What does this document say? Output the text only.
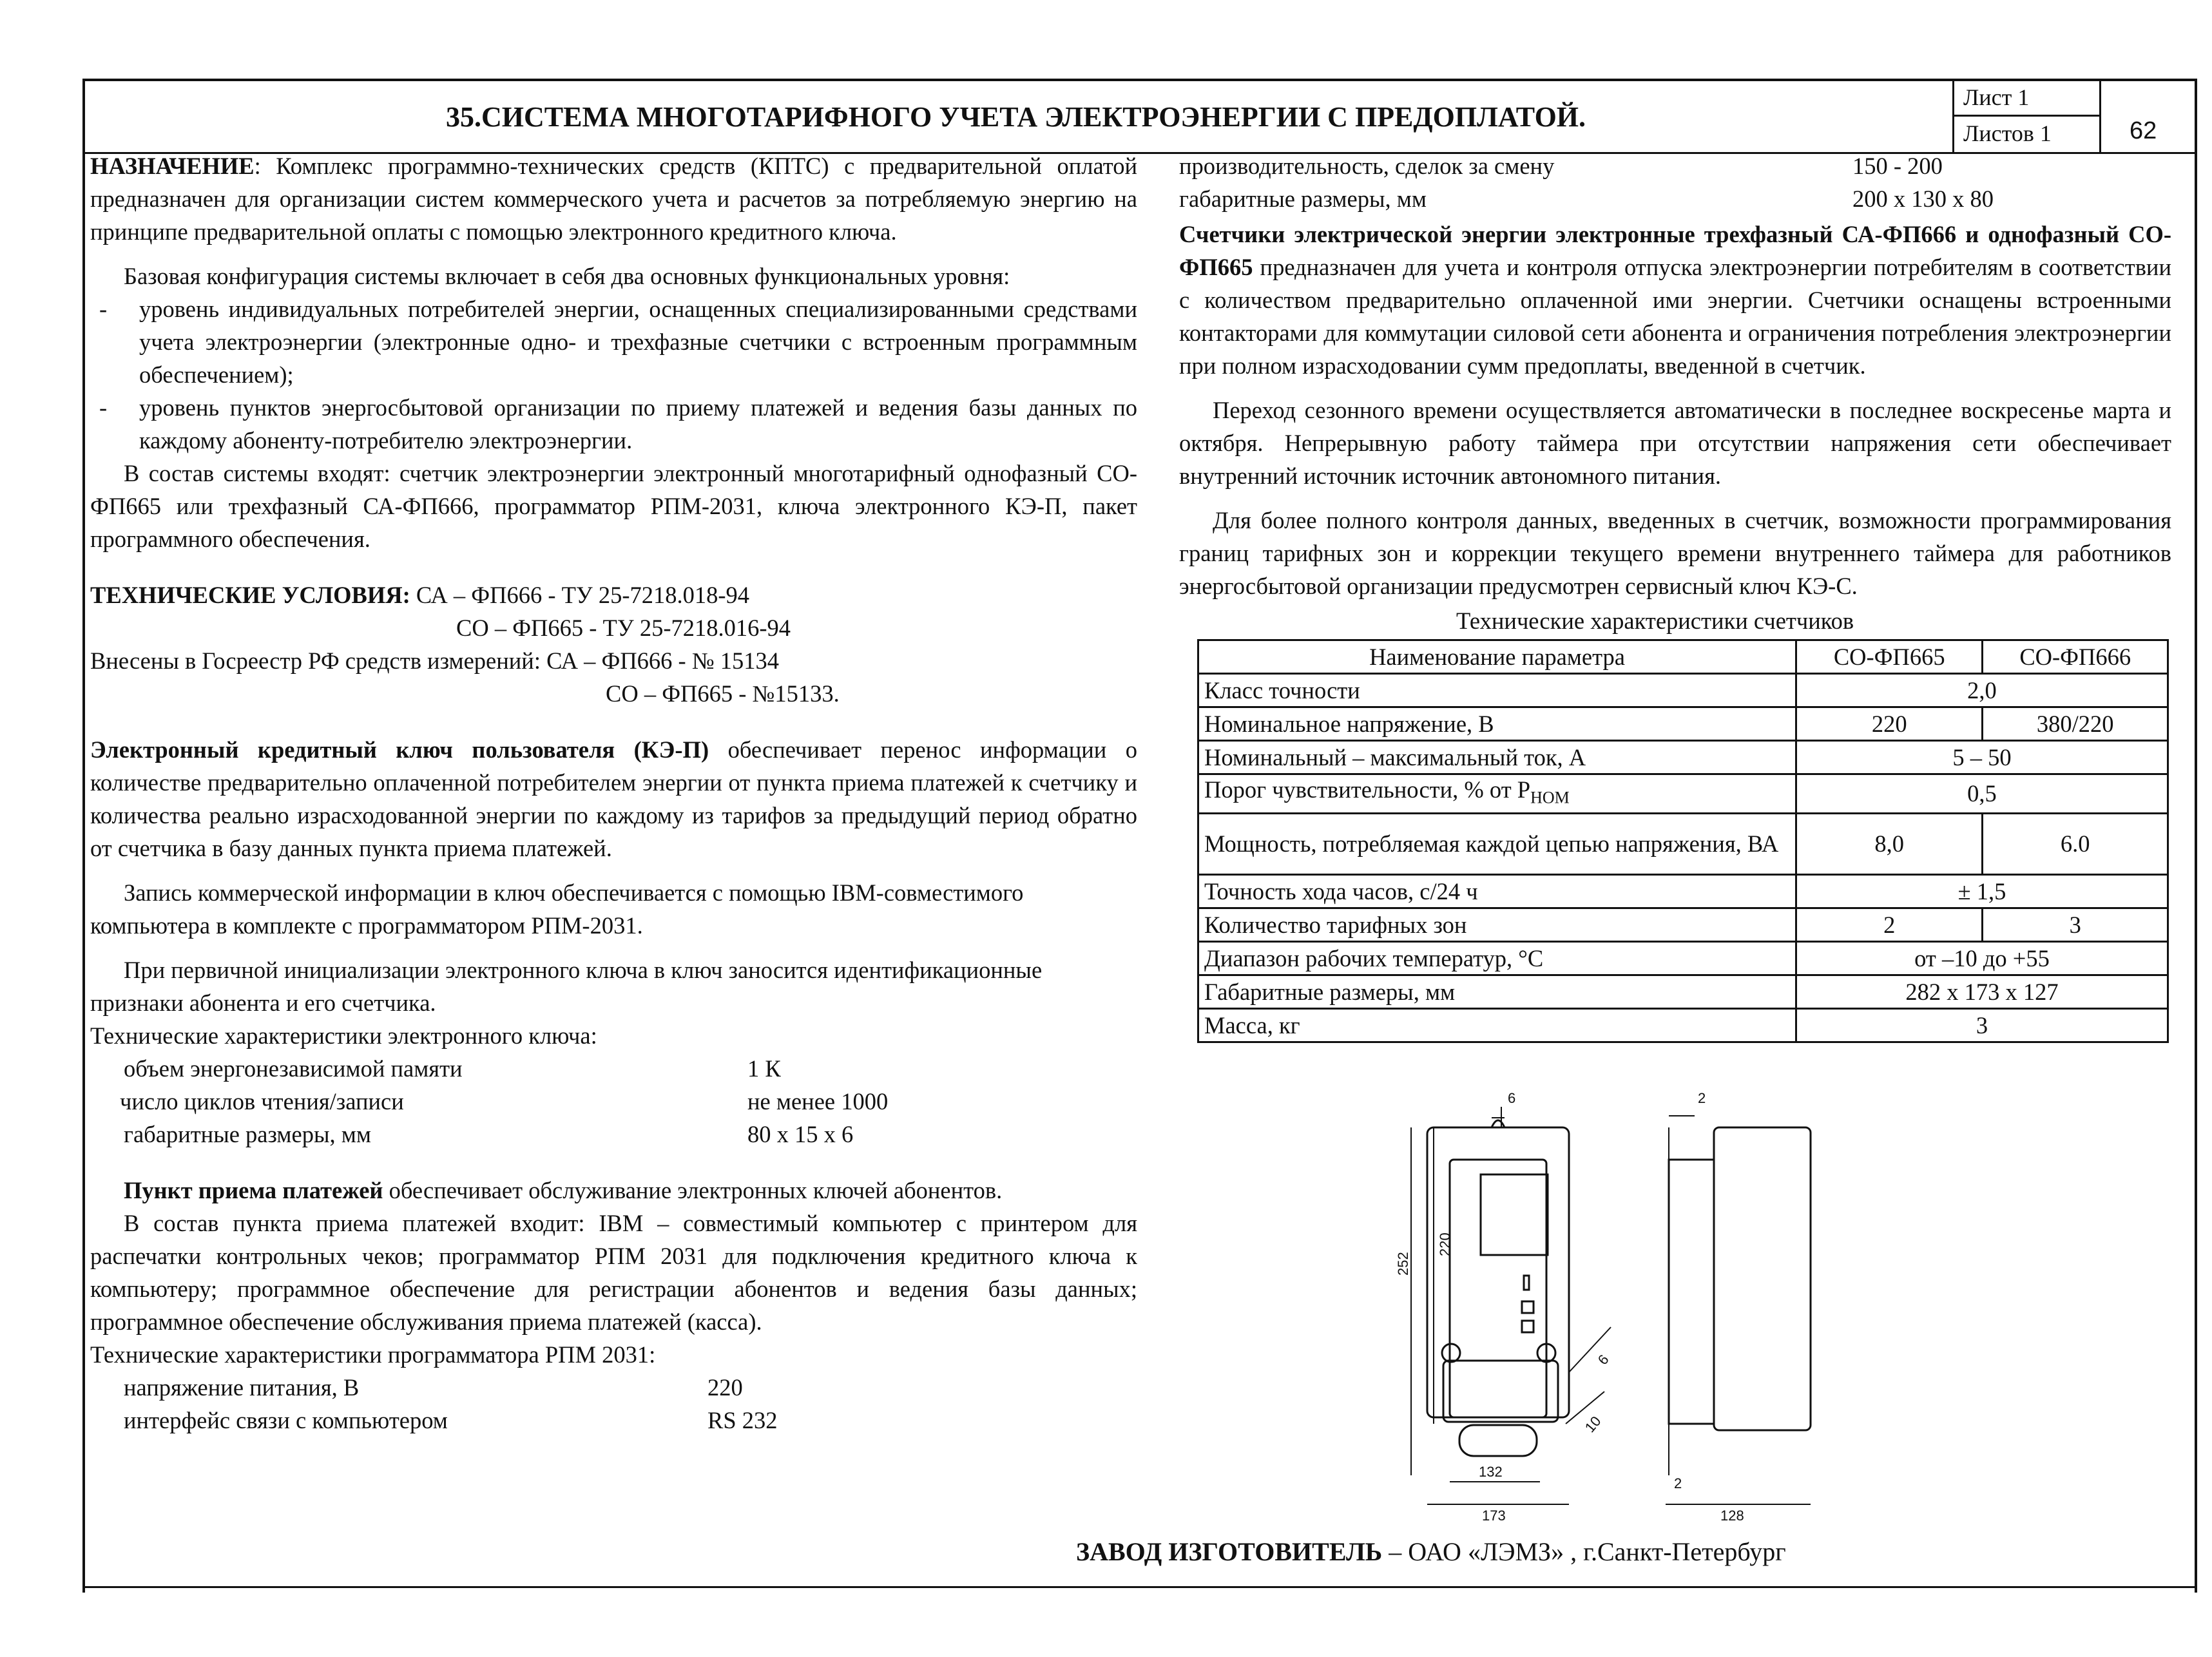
35.СИСТЕМА МНОГОТАРИФНОГО УЧЕТА ЭЛЕКТРОЭНЕРГИИ С ПРЕДОПЛАТОЙ.
Лист 1
Листов 1	62

НАЗНАЧЕНИЕ: Комплекс программно-технических средств (КПТС) с предварительной оплатой предназначен для организации систем коммерческого учета и расчетов за потребляемую энергию на принципе предварительной оплаты с помощью электронного кредитного ключа.

Базовая конфигурация системы включает в себя два основных функциональных уровня:

-	уровень индивидуальных потребителей энергии, оснащенных специализированными средствами учета электроэнергии (электронные одно- и трехфазные счетчики с встроенным программным обеспечением);
-	уровень пунктов энергосбытовой организации по приему платежей и ведения базы данных по каждому абоненту-потребителю электроэнергии.

В состав системы входят: счетчик электроэнергии электронный многотарифный однофазный СО-ФП665 или трехфазный СА-ФП666, программатор РПМ-2031, ключа электронного КЭ-П, пакет программного обеспечения.

ТЕХНИЧЕСКИЕ УСЛОВИЯ: СА – ФП666 - ТУ 25-7218.018-94

СО – ФП665 - ТУ 25-7218.016-94

Внесены в Госреестр РФ средств измерений: СА – ФП666 - № 15134

СО – ФП665 - №15133.

Электронный кредитный ключ пользователя (КЭ-П) обеспечивает перенос информации о количестве предварительно оплаченной потребителем энергии от пункта приема платежей к счетчику и количества реально израсходованной энергии по каждому из тарифов за предыдущий период обратно от счетчика в базу данных пункта приема платежей.

Запись коммерческой информации в ключ обеспечивается с помощью IBM-совместимого компьютера в комплекте с программатором РПМ-2031.

При первичной инициализации электронного ключа в ключ заносится идентификационные признаки абонента и его счетчика.

Технические характеристики электронного ключа:

объем энергонезависимой памяти	1 К
число циклов чтения/записи	не менее 1000
габаритные размеры, мм	80 х 15 х 6

Пункт приема платежей обеспечивает обслуживание электронных ключей абонентов.

В состав пункта приема платежей входит: IBM – совместимый компьютер с принтером для распечатки контрольных чеков; программатор РПМ 2031 для подключения кредитного ключа к компьютеру; программное обеспечение для регистрации абонентов и ведения базы данных; программное обеспечение обслуживания приема платежей (касса).

Технические характеристики программатора РПМ 2031:

напряжение питания, В	220
интерфейс связи с компьютером	RS 232
производительность, сделок за смену	150 - 200
габаритные размеры, мм	200 х 130 х 80

Счетчики электрической энергии электронные трехфазный СА-ФП666 и однофазный СО-ФП665 предназначен для учета и контроля отпуска электроэнергии потребителям в соответствии с количеством предварительно оплаченной ими энергии. Счетчики оснащены встроенными контакторами для коммутации силовой сети абонента и ограничения потребления электроэнергии при полном израсходовании сумм предоплаты, введенной в счетчик.

Переход сезонного времени осуществляется автоматически в последнее воскресенье марта и октября. Непрерывную работу таймера при отсутствии напряжения сети обеспечивает внутренний источник источник автономного питания.

Для более полного контроля данных, введенных в счетчик, возможности программирования границ тарифных зон и коррекции текущего времени внутреннего таймера для работников энергосбытовой организации предусмотрен сервисный ключ КЭ-С.

Технические характеристики счетчиков
Наименование параметра	СО-ФП665	СО-ФП666
Класс точности	2,0	
Номинальное напряжение, В	220	380/220
Номинальный – максимальный ток, А	5 – 50	
Порог чувствительности, % от $P_{НОМ}$	0,5	
Мощность, потребляемая каждой цепью напряжения, ВА	8,0	6.0
Точность хода часов, с/24 ч	± 1,5	
Количество тарифных зон	2	3
Диапазон рабочих температур, °С	от –10 до +55	
Габаритные размеры, мм	282 х 173 х 127	
Масса, кг	3	
6	2
220
252
6
10
132
173
2
128
ЗАВОД ИЗГОТОВИТЕЛЬ – ОАО «ЛЭМЗ» , г.Санкт-Петербург
